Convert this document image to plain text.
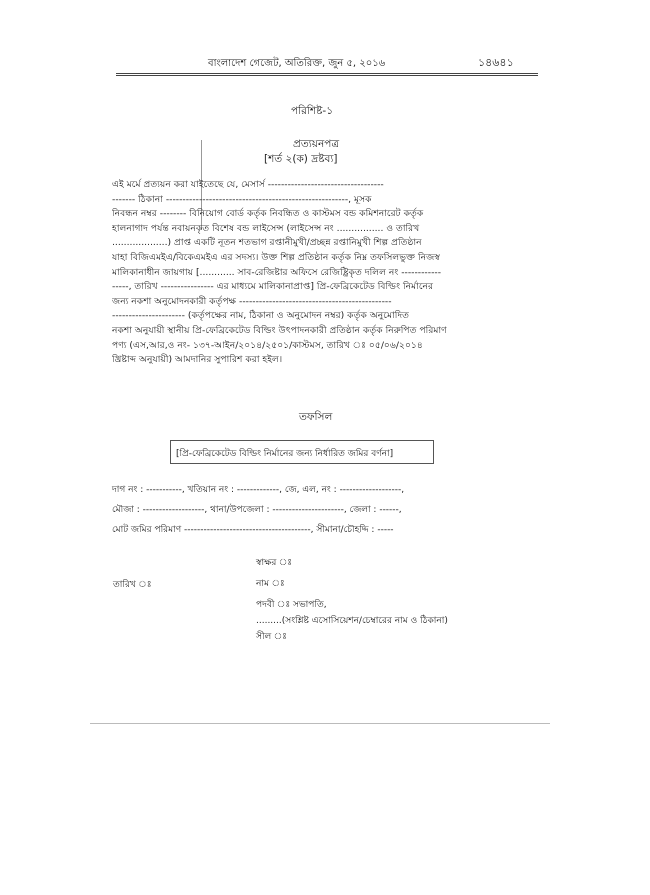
বাংলাদেশ গেজেট, অতিরিক্ত, জুন ৫, ২০১৬	১৪৬৪১
পরিশিষ্ট-১
প্রত্যয়নপত্র
[শর্ত ২(ক) দ্রষ্টব্য]
এই মর্মে প্রত্যয়ন করা যাইতেছে যে, মেসার্স -----------------------------------
------- ঠিকানা -------------------------------------------------------, মূসক
নিবন্ধন নম্বর -------- বিনিয়োগ বোর্ড কর্তৃক নিবন্ধিত ও কাস্টমস বন্ড কমিশনারেট কর্তৃক
হালনাগাদ পর্যন্ত নবায়নকৃত বিশেষ বন্ড লাইসেন্স (লাইসেন্স নং ................ ও তারিখ
...................) প্রাপ্ত একটি নূতন শতভাগ রপ্তানীমুখী/প্রচ্ছন্ন রপ্তানিমুখী শিল্প প্রতিষ্ঠান
যাহা বিজিএমইএ/বিকেএমইএ এর সদস্য। উক্ত শিল্প প্রতিষ্ঠান কর্তৃক নিম্ন তফসিলভুক্ত নিজস্ব
মালিকানাধীন জায়গায় [............ সাব-রেজিষ্টার অফিসে রেজিষ্ট্রিকৃত দলিল নং ------------
-----, তারিখ ---------------- এর মাধ্যমে মালিকানাপ্রাপ্ত] প্রি-ফেব্রিকেটেড বিল্ডিং নির্মানের
জন্য নকশা অনুমোদনকারী কর্তৃপক্ষ ----------------------------------------------
---------------------- (কর্তৃপক্ষের নাম, ঠিকানা ও অনুমোদন নম্বর) কর্তৃক অনুমোদিত
নকশা অনুযায়ী স্থানীয় প্রি-ফেব্রিকেটেড বিল্ডিং উৎপাদনকারী প্রতিষ্ঠান কর্তৃক নিরুপিত পরিমাণ
পণ্য (এস,আর,ও নং- ১৩৭-আইন/২০১৪/২৫০১/কাস্টমস, তারিখ ঃ ০৫/০৬/২০১৪
খ্রিষ্টাব্দ অনুযায়ী) আমদানির সুপারিশ করা হইল।
তফসিল
[প্রি-ফেব্রিকেটেড বিল্ডিং নির্মানের জন্য নির্ধারিত জমির বর্ণনা]
দাগ নং : -----------, খতিয়ান নং : -------------, জে, এল, নং : -------------------,
মৌজা : -------------------, থানা/উপজেলা : ----------------------, জেলা : ------,
মোট জমির পরিমাণ ---------------------------------------, সীমানা/চৌহদ্দি : -----
স্বাক্ষর ঃ
তারিখ ঃ	নাম ঃ
পদবী ঃ সভাপতি,
.........(সংশ্লিষ্ট এসোসিয়েশন/চেম্বারের নাম ও ঠিকানা)
সীল ঃ
